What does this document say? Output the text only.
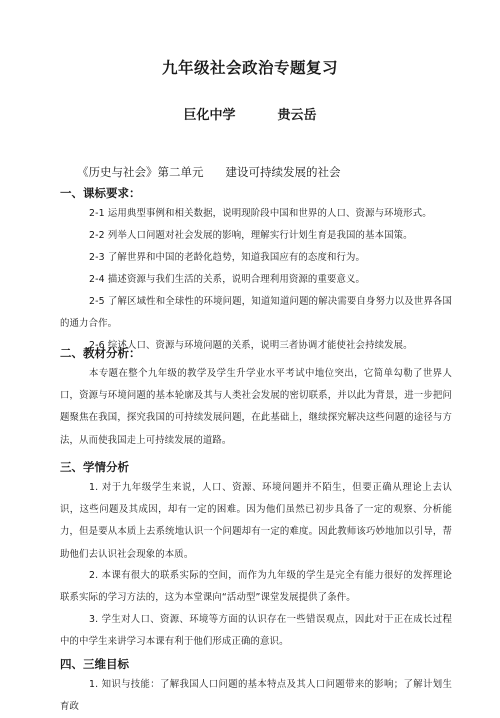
九年级社会政治专题复习
巨化中学	贵云岳
《历史与社会》第二单元 建设可持续发展的社会
一、课标要求：
2-1 运用典型事例和相关数据，说明现阶段中国和世界的人口、资源与环境形式。
2-2 列举人口问题对社会发展的影响，理解实行计划生育是我国的基本国策。
2-3 了解世界和中国的老龄化趋势，知道我国应有的态度和行为。
2-4 描述资源与我们生活的关系，说明合理利用资源的重要意义。
2-5 了解区域性和全球性的环境问题，知道知道问题的解决需要自身努力以及世界各国的通力合作。
2-6 综述人口、资源与环境问题的关系，说明三者协调才能使社会持续发展。
二、教材分析：
本专题在整个九年级的教学及学生升学业水平考试中地位突出，它简单勾勒了世界人口，资源与环境问题的基本轮廓及其与人类社会发展的密切联系，并以此为背景，进一步把问题聚焦在我国，探究我国的可持续发展问题，在此基础上，继续探究解决这些问题的途径与方法，从而使我国走上可持续发展的道路。
三、学情分析
1. 对于九年级学生来说，人口、资源、环境问题并不陌生，但要正确从理论上去认识，这些问题及其成因，却有一定的困难。因为他们虽然已初步具备了一定的观察、分析能力，但是要从本质上去系统地认识一个问题却有一定的难度。因此教师该巧妙地加以引导，帮助他们去认识社会现象的本质。
2. 本课有很大的联系实际的空间，而作为九年级的学生是完全有能力很好的发挥理论联系实际的学习方法的，这为本堂课向“活动型”课堂发展提供了条件。
3. 学生对人口、资源、环境等方面的认识存在一些错误观点，因此对于正在成长过程中的中学生来讲学习本课有利于他们形成正确的意识。
四、三维目标
1. 知识与技能：了解我国人口问题的基本特点及其人口问题带来的影响；了解计划生育政
